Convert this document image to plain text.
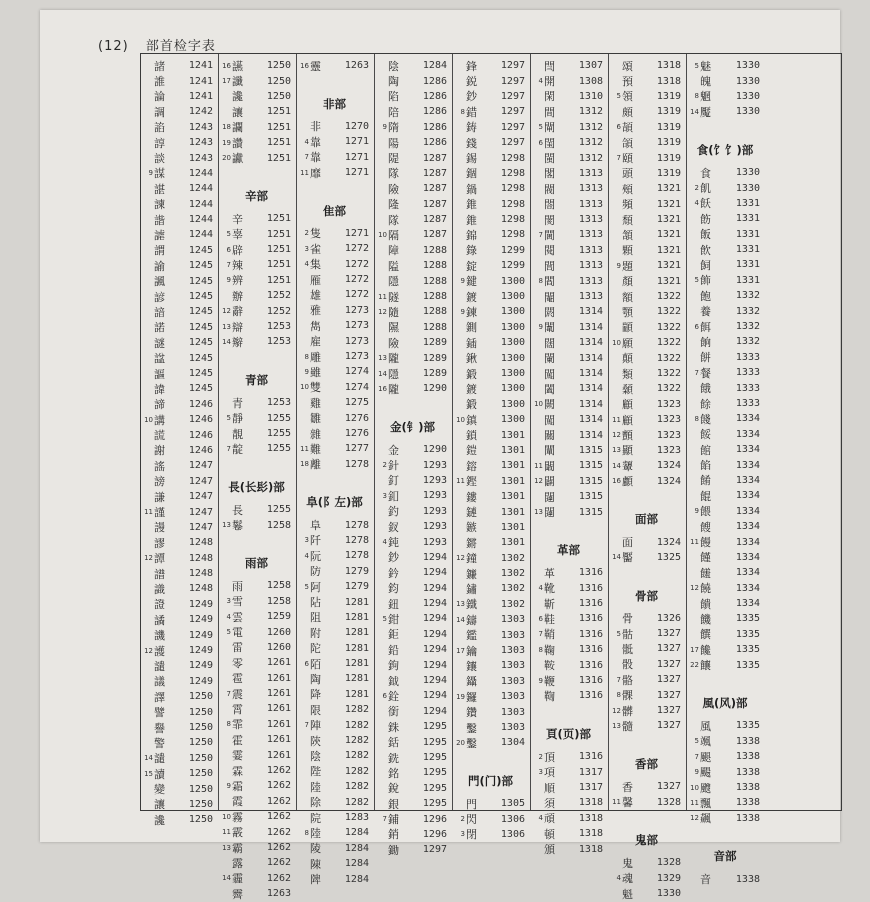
(12) 部首检字表
諸 1241
誰 1241
論 1241
調 1242
諂 1243
諄 1243
談 1243
9 謀 1244
諶 1244
諫 1244
諧 1244
謔 1244
謂 1245
諭 1245
諷 1245
諺 1245
諳 1245
諾 1245
謎 1245
諡 1245
謳 1245
諱 1245
諦 1246
10 講 1246
謊 1246
謝 1246
謠 1247
謗 1247
謙 1247
11 謹 1247
謾 1247
謬 1248
12 譚 1248
譜 1248
識 1248
證 1249
譎 1249
譏 1249
12 護 1249
譴 1249
議 1249
譯 1250
譬 1250
譽 1250
警 1250
14 譴 1250
15 讀 1250
變 1250
讓 1250
讒 1250
16 讌 1250
17 讖 1250
讒 1250
讓 1251
18 讕 1251
19 讚 1251
20 讞 1251
辛部
辛 1251
5 辜 1251
6 辟 1251
7 辣 1251
9 辨 1251
辦 1252
12 辭 1252
13 辯 1253
14 辮 1253
青部
青 1253
5 靜 1255
靚 1255
7 靛 1255
長(长髟)部
長 1255
13 鬈 1258
雨部
雨 1258
3 雪 1258
4 雲 1259
5 電 1260
雷 1260
零 1261
雹 1261
7 震 1261
霄 1261
8 霏 1261
霍 1261
霎 1261
霖 1262
9 霜 1262
霞 1262
10 霧 1262
11 霰 1262
13 霸 1262
露 1262
14 霾 1262
霽 1263
16 靈 1263
非部
非 1270
4 靠 1271
7 靠 1271
11 靡 1271
隹部
2 隻 1271
3 雀 1272
4 集 1272
雁 1272
雄 1272
雅 1273
雋 1273
雇 1273
8 雕 1273
9 雖 1274
10 雙 1274
雞 1275
雛 1276
雜 1276
11 難 1277
18 離 1278
阜(阝左)部
阜 1278
3 阡 1278
4 阮 1278
防 1279
5 阿 1279
阽 1281
阻 1281
附 1281
陀 1281
6 陌 1281
陶 1281
降 1281
限 1282
7 陣 1282
陝 1282
陰 1282
陛 1282
陸 1282
除 1282
院 1283
8 陸 1284
陵 1284
陳 1284
陴 1284
陰 1284
陶 1286
陷 1286
陪 1286
9 隋 1286
陽 1286
隄 1287
隊 1287
險 1287
隆 1287
隊 1287
10 隔 1287
障 1288
隘 1288
隱 1288
11 隧 1288
12 隨 1288
隰 1288
險 1289
13 隴 1289
14 隱 1289
16 隴 1290
金(钅)部
金 1290
2 針 1293
釘 1293
3 釦 1293
釣 1293
釵 1293
4 鈍 1293
鈔 1294
鈐 1294
鈞 1294
鈕 1294
5 鉗 1294
鉅 1294
鉛 1294
鉤 1294
鉞 1294
6 銓 1294
銜 1294
銖 1295
銛 1295
銑 1295
銘 1295
銳 1295
銀 1295
7 鋪 1296
銷 1296
鋤 1297
鋒 1297
鋭 1297
鈔 1297
8 錯 1297
鋳 1297
錢 1297
錫 1298
錮 1298
鍋 1298
錐 1298
錐 1298
錦 1298
錄 1299
錠 1299
9 鍵 1300
鍍 1300
9 鍊 1300
鍘 1300
鍤 1300
鍬 1300
鍛 1300
鍍 1300
鍛 1300
10 鎮 1300
鎖 1301
鎧 1301
鎔 1301
11 鏗 1301
鏤 1301
鏈 1301
鏃 1301
鏘 1301
12 鐘 1302
鐮 1302
鏽 1302
13 鐵 1302
14 鑄 1303
鑑 1303
17 鑰 1303
鑲 1303
鑷 1303
19 鑼 1303
鑽 1303
鑿 1303
20 鑿 1304
門(门)部
門 1305
2 閃 1306
3 閉 1306
閆 1307
4 開 1308
閑 1310
間 1312
5 閘 1312
6 閨 1312
閩 1312
閣 1313
閥 1313
閤 1313
閡 1313
7 閫 1313
閱 1313
閭 1313
8 閻 1313
閹 1313
閼 1314
9 闈 1314
闊 1314
闌 1314
闖 1314
闔 1314
10 闕 1314
闖 1314
關 1314
闡 1315
11 闞 1315
12 闢 1315
闥 1315
13 闥 1315
革部
革 1316
4 靴 1316
靳 1316
6 鞋 1316
7 鞘 1316
8 鞠 1316
鞍 1316
9 鞭 1316
鞫 1316
頁(页)部
2 頂 1316
3 項 1317
順 1317
須 1318
4 頑 1318
頓 1318
頒 1318
頌 1318
預 1318
5 領 1319
頗 1319
6 頡 1319
頜 1319
7 頤 1319
頭 1319
頰 1321
頻 1321
頹 1321
頷 1321
顆 1321
9 題 1321
顏 1321
額 1322
顎 1322
顓 1322
10 願 1322
顛 1322
類 1322
顙 1322
顧 1323
11 顧 1323
12 顫 1323
13 顯 1323
14 顰 1324
16 顱 1324
面部
面 1324
14 靨 1325
骨部
骨 1326
5 骷 1327
骶 1327
骰 1327
7 骼 1327
8 髁 1327
12 髒 1327
13 髓 1327
香部
香 1327
11 馨 1328
鬼部
鬼 1328
4 魂 1329
魁 1330
5 魅 1330
魄 1330
8 魍 1330
14 魘 1330
食(饣饣)部
食 1330
2 飢 1330
4 飫 1331
飭 1331
飯 1331
飲 1331
飼 1331
5 飾 1331
飽 1332
養 1332
6 餌 1332
餉 1332
餅 1333
7 餐 1333
餓 1333
餘 1333
8 餞 1334
餒 1334
館 1334
餡 1334
餚 1334
餛 1334
9 餵 1334
餿 1334
11 饅 1334
饉 1334
饈 1334
12 饒 1334
饋 1334
饑 1335
饌 1335
17 饞 1335
22 饟 1335
風(风)部
風 1335
5 颯 1338
7 颶 1338
9 颺 1338
10 颼 1338
11 飄 1338
12 飆 1338
音部
音 1338
